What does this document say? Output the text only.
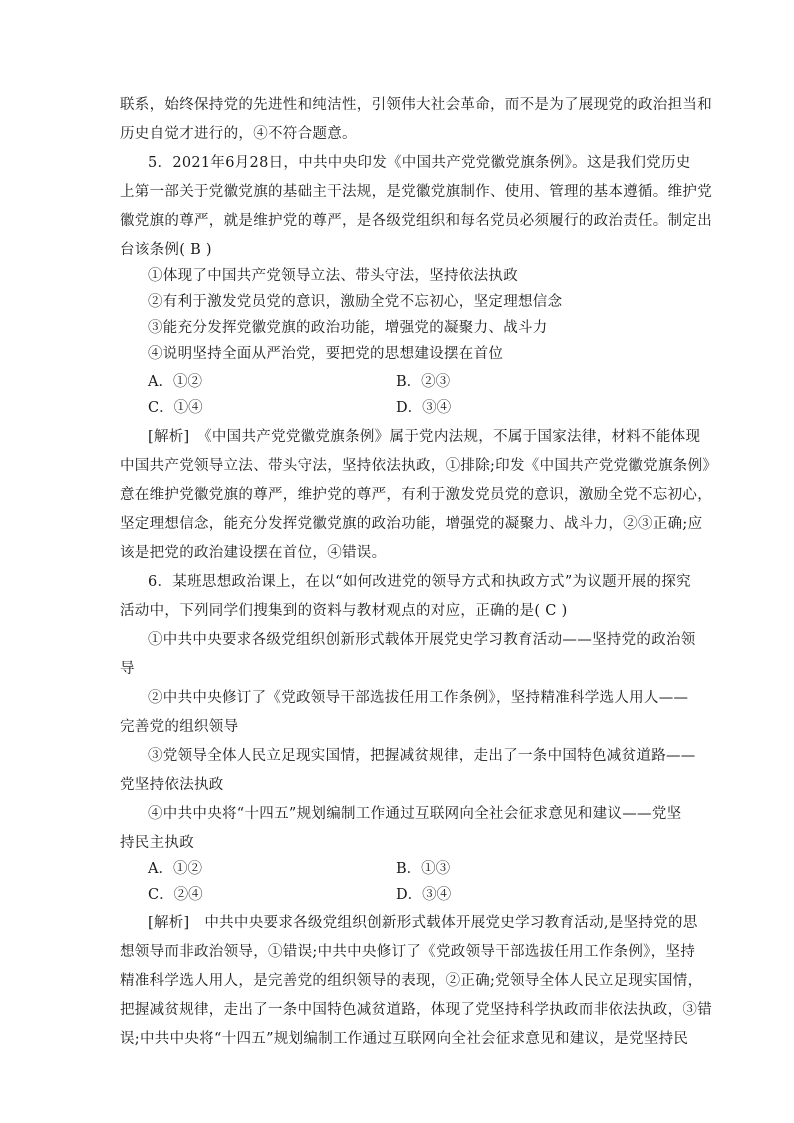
联系，始终保持党的先进性和纯洁性，引领伟大社会革命，而不是为了展现党的政治担当和
历史自觉才进行的，④不符合题意。
5．2021年6月28日，中共中央印发《中国共产党党徽党旗条例》。这是我们党历史
上第一部关于党徽党旗的基础主干法规，是党徽党旗制作、使用、管理的基本遵循。维护党
徽党旗的尊严，就是维护党的尊严，是各级党组织和每名党员必须履行的政治责任。制定出
台该条例( B )
①体现了中国共产党领导立法、带头守法，坚持依法执政
②有利于激发党员党的意识，激励全党不忘初心，坚定理想信念
③能充分发挥党徽党旗的政治功能，增强党的凝聚力、战斗力
④说明坚持全面从严治党，要把党的思想建设摆在首位
[解析]　《中国共产党党徽党旗条例》属于党内法规，不属于国家法律，材料不能体现
中国共产党领导立法、带头守法，坚持依法执政，①排除;印发《中国共产党党徽党旗条例》
意在维护党徽党旗的尊严，维护党的尊严，有利于激发党员党的意识，激励全党不忘初心，
坚定理想信念，能充分发挥党徽党旗的政治功能，增强党的凝聚力、战斗力，②③正确;应
该是把党的政治建设摆在首位，④错误。
6．某班思想政治课上，在以“如何改进党的领导方式和执政方式”为议题开展的探究
活动中，下列同学们搜集到的资料与教材观点的对应，正确的是( C )
①中共中央要求各级党组织创新形式载体开展党史学习教育活动——坚持党的政治领
导
②中共中央修订了《党政领导干部选拔任用工作条例》，坚持精准科学选人用人——
完善党的组织领导
③党领导全体人民立足现实国情，把握减贫规律，走出了一条中国特色减贫道路——
党坚持依法执政
④中共中央将“十四五”规划编制工作通过互联网向全社会征求意见和建议——党坚
持民主执政
[解析]　中共中央要求各级党组织创新形式载体开展党史学习教育活动,是坚持党的思
想领导而非政治领导，①错误;中共中央修订了《党政领导干部选拔任用工作条例》，坚持
精准科学选人用人，是完善党的组织领导的表现，②正确;党领导全体人民立足现实国情，
把握减贫规律，走出了一条中国特色减贫道路，体现了党坚持科学执政而非依法执政，③错
误;中共中央将“十四五”规划编制工作通过互联网向全社会征求意见和建议，是党坚持民
A．①②	B．②③
C．①④	D．③④
A．①②	B．①③
C．②④	D．③④
